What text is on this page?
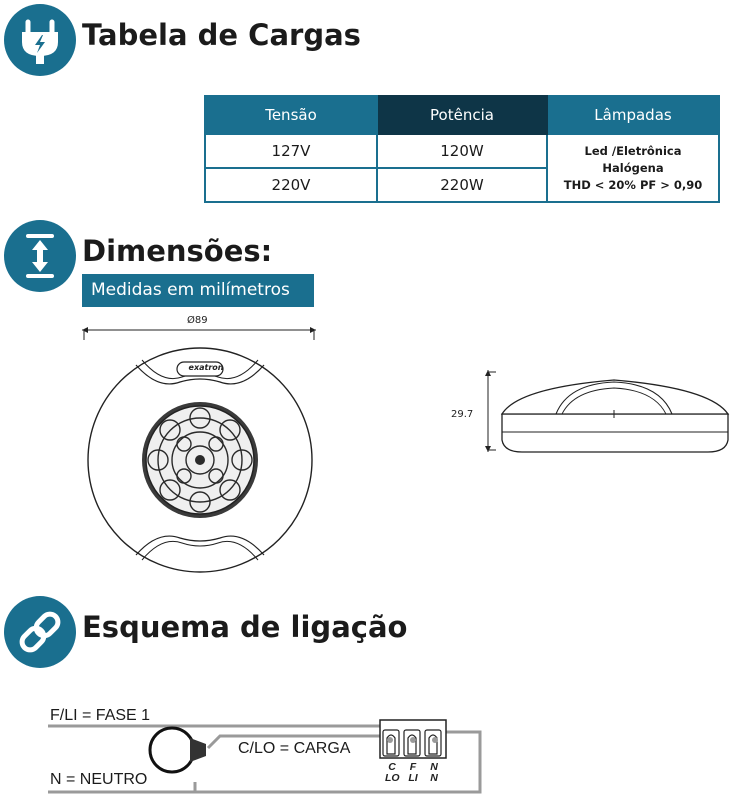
Tabela de Cargas
Tensão	Potência	Lâmpadas
127V	120W	Led /Eletrônica
Halógena
THD < 20% PF > 0,90

220V	220W	
Dimensões:
Medidas em milímetros
Ø89
exatron
29.7
Esquema de ligação
F/LI = FASE 1
C/LO = CARGA
N = NEUTRO
C
LO
F
LI
N
N
